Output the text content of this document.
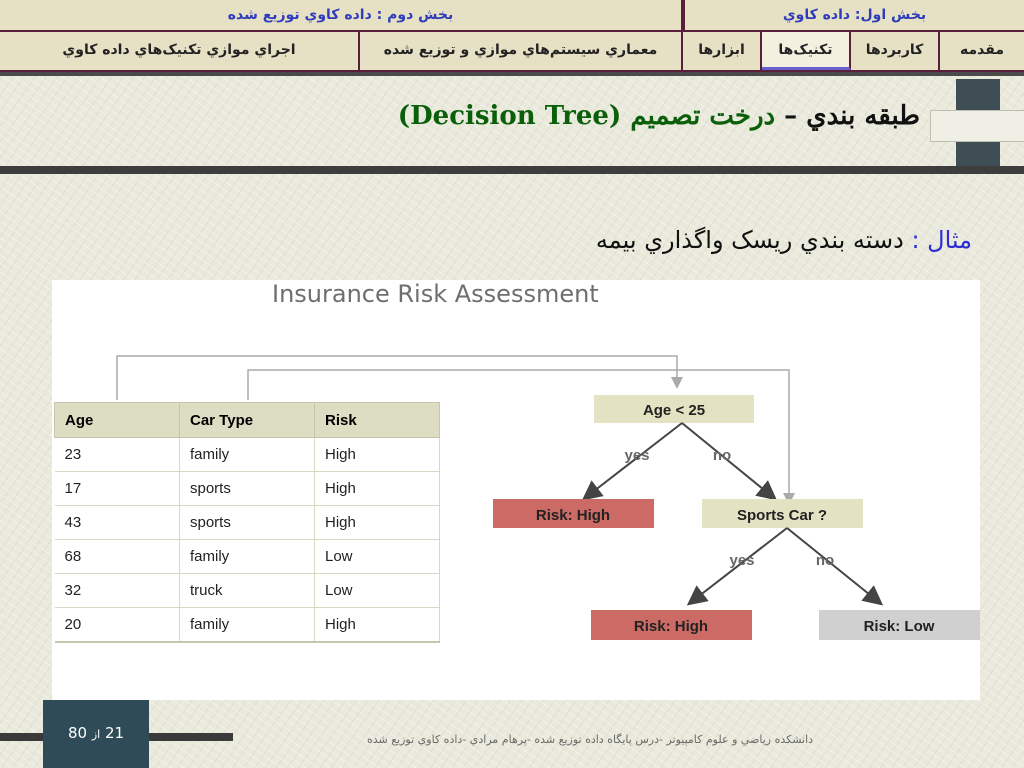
بخش دوم : داده كاوي توزيع شده	بخش اول: داده كاوي
اجراي موازي تكنيک‌هاي داده كاوي	معماري سيستم‌هاي موازي و توزيع شده	ابزارها	تكنيک‌ها	كاربردها	مقدمه
طبقه بندي – درخت تصميم (Decision Tree)
مثال : دسته بندي ريسک واگذاري بيمه
Insurance Risk Assessment
Age < 25
yes	no
Risk: High	Sports Car ?
yes	no
Risk: High	Risk: Low
Age	Car Type	Risk
23	family	High
17	sports	High
43	sports	High
68	family	Low
32	truck	Low
20	family	High
21 از 80	دانشكده رياضي و علوم كامپيوتر -درس پايگاه داده توزيع شده -پرهام مرادي -داده كاوي توزيع شده
